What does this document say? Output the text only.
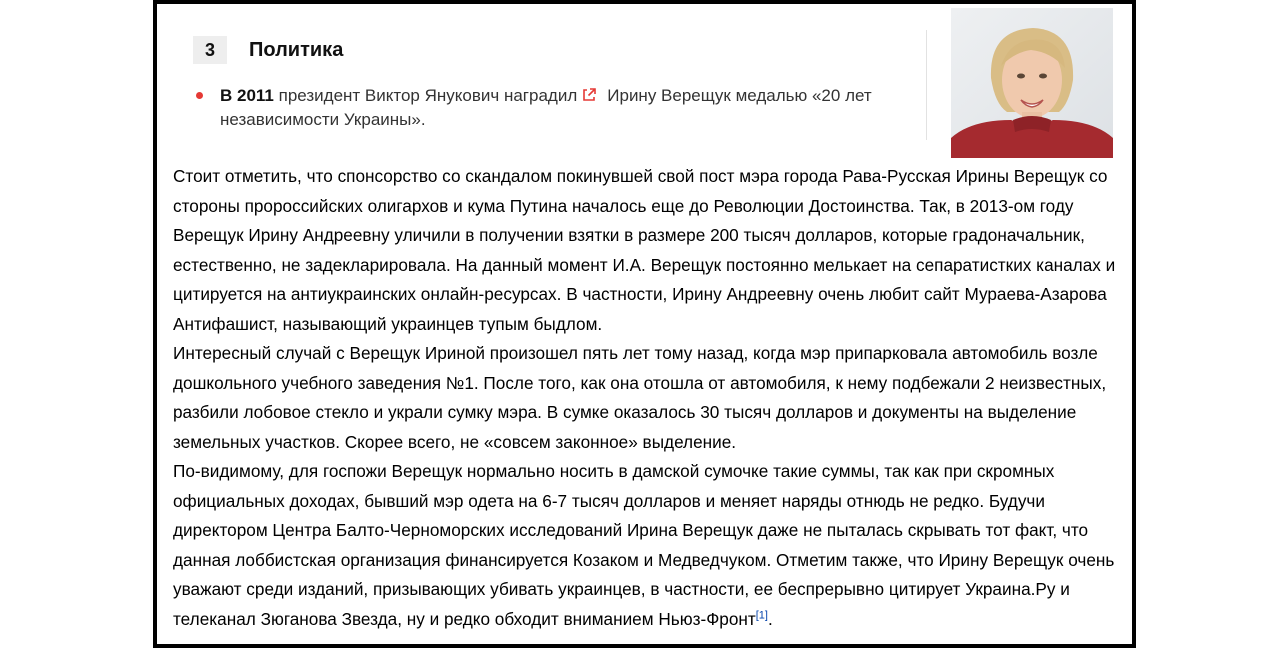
3	Политика
В 2011 президент Виктор Янукович наградил Ирину Верещук медалью «20 лет независимости Украины».

Стоит отметить, что спонсорство со скандалом покинувшей свой пост мэра города Рава-Русская Ирины Верещук со стороны пророссийских олигархов и кума Путина началось еще до Революции Достоинства. Так, в 2013-ом году Верещук Ирину Андреевну уличили в получении взятки в размере 200 тысяч долларов, которые градоначальник, естественно, не задекларировала. На данный момент И.А. Верещук постоянно мелькает на сепаратистких каналах и цитируется на антиукраинских онлайн-ресурсах. В частности, Ирину Андреевну очень любит сайт Мураева-Азарова Антифашист, называющий украинцев тупым быдлом.

Интересный случай с Верещук Ириной произошел пять лет тому назад, когда мэр припарковала автомобиль возле дошкольного учебного заведения №1. После того, как она отошла от автомобиля, к нему подбежали 2 неизвестных, разбили лобовое стекло и украли сумку мэра. В сумке оказалось 30 тысяч долларов и документы на выделение земельных участков. Скорее всего, не «совсем законное» выделение.

По-видимому, для госпожи Верещук нормально носить в дамской сумочке такие суммы, так как при скромных официальных доходах, бывший мэр одета на 6-7 тысяч долларов и меняет наряды отнюдь не редко. Будучи директором Центра Балто-Черноморских исследований Ирина Верещук даже не пыталась скрывать тот факт, что данная лоббистская организация финансируется Козаком и Медведчуком. Отметим также, что Ирину Верещук очень уважают среди изданий, призывающих убивать украинцев, в частности, ее беспрерывно цитирует Украина.Ру и телеканал Зюганова Звезда, ну и редко обходит вниманием Ньюз-Фронт[1].
